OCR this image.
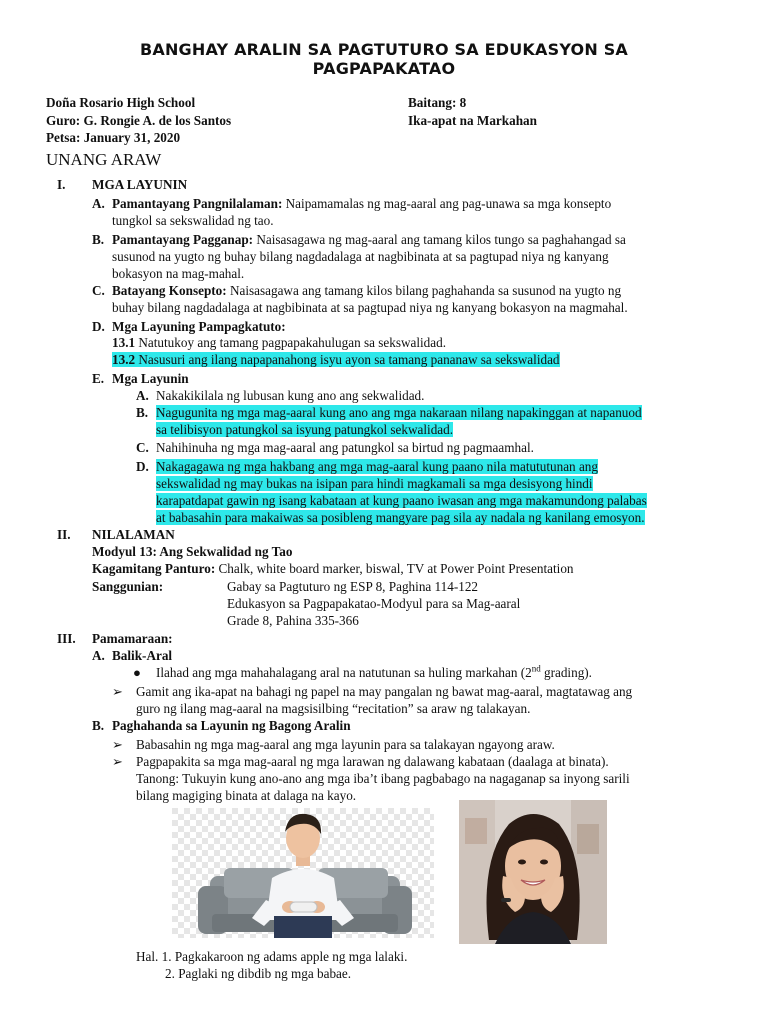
BANGHAY ARALIN SA PAGTUTURO SA EDUKASYON SA
PAGPAPAKATAO
Doña Rosario High School
Guro: G. Rongie A. de los Santos
Petsa: January 31, 2020
Baitang: 8
Ika-apat na Markahan
UNANG ARAW
I. MGA LAYUNIN
A. Pamantayang Pangnilalaman: Naipamamalas ng mag-aaral ang pag-unawa sa mga konsepto
tungkol sa sekswalidad ng tao.
B. Pamantayang Pagganap: Naisasagawa ng mag-aaral ang tamang kilos tungo sa paghahangad sa
susunod na yugto ng buhay bilang nagdadalaga at nagbibinata at sa pagtupad niya ng kanyang
bokasyon na mag-mahal.
C. Batayang Konsepto: Naisasagawa ang tamang kilos bilang paghahanda sa susunod na yugto ng
buhay bilang nagdadalaga at nagbibinata at sa pagtupad niya ng kanyang bokasyon na magmahal.
D. Mga Layuning Pampagkatuto:
13.1 Natutukoy ang tamang pagpapakahulugan sa sekswalidad.
13.2 Nasusuri ang ilang napapanahong isyu ayon sa tamang pananaw sa sekswalidad
E. Mga Layunin
A. Nakakikilala ng lubusan kung ano ang sekwalidad.
B. Nagugunita ng mga mag-aaral kung ano ang mga nakaraan nilang napakinggan at napanuod
sa telibisyon patungkol sa isyung patungkol sekwalidad.
C. Nahihinuha ng mga mag-aaral ang patungkol sa birtud ng pagmaamhal.
D. Nakagagawa ng mga hakbang ang mga mag-aaral kung paano nila matututunan ang
sekswalidad ng may bukas na isipan para hindi magkamali sa mga desisyong hindi
karapatdapat gawin ng isang kabataan at kung paano iwasan ang mga makamundong palabas
at babasahin para makaiwas sa posibleng mangyare pag sila ay nadala ng kanilang emosyon.
II. NILALAMAN
Modyul 13: Ang Sekwalidad ng Tao
Kagamitang Panturo: Chalk, white board marker, biswal, TV at Power Point Presentation
Sanggunian:	Gabay sa Pagtuturo ng ESP 8, Paghina 114-122
Edukasyon sa Pagpapakatao-Modyul para sa Mag-aaral
Grade 8, Pahina 335-366
III. Pamamaraan:
A. Balik-Aral
● Ilahad ang mga mahahalagang aral na natutunan sa huling markahan (2nd grading).
➢ Gamit ang ika-apat na bahagi ng papel na may pangalan ng bawat mag-aaral, magtatawag ang
guro ng ilang mag-aaral na magsisilbing “recitation” sa araw ng talakayan.
B. Paghahanda sa Layunin ng Bagong Aralin
➢ Babasahin ng mga mag-aaral ang mga layunin para sa talakayan ngayong araw.
➢ Pagpapakita sa mga mag-aaral ng mga larawan ng dalawang kabataan (daalaga at binata).
Tanong: Tukuyin kung ano-ano ang mga iba’t ibang pagbabago na nagaganap sa inyong sarili
bilang magiging binata at dalaga na kayo.
Hal. 1. Pagkakaroon ng adams apple ng mga lalaki.
2. Paglaki ng dibdib ng mga babae.
